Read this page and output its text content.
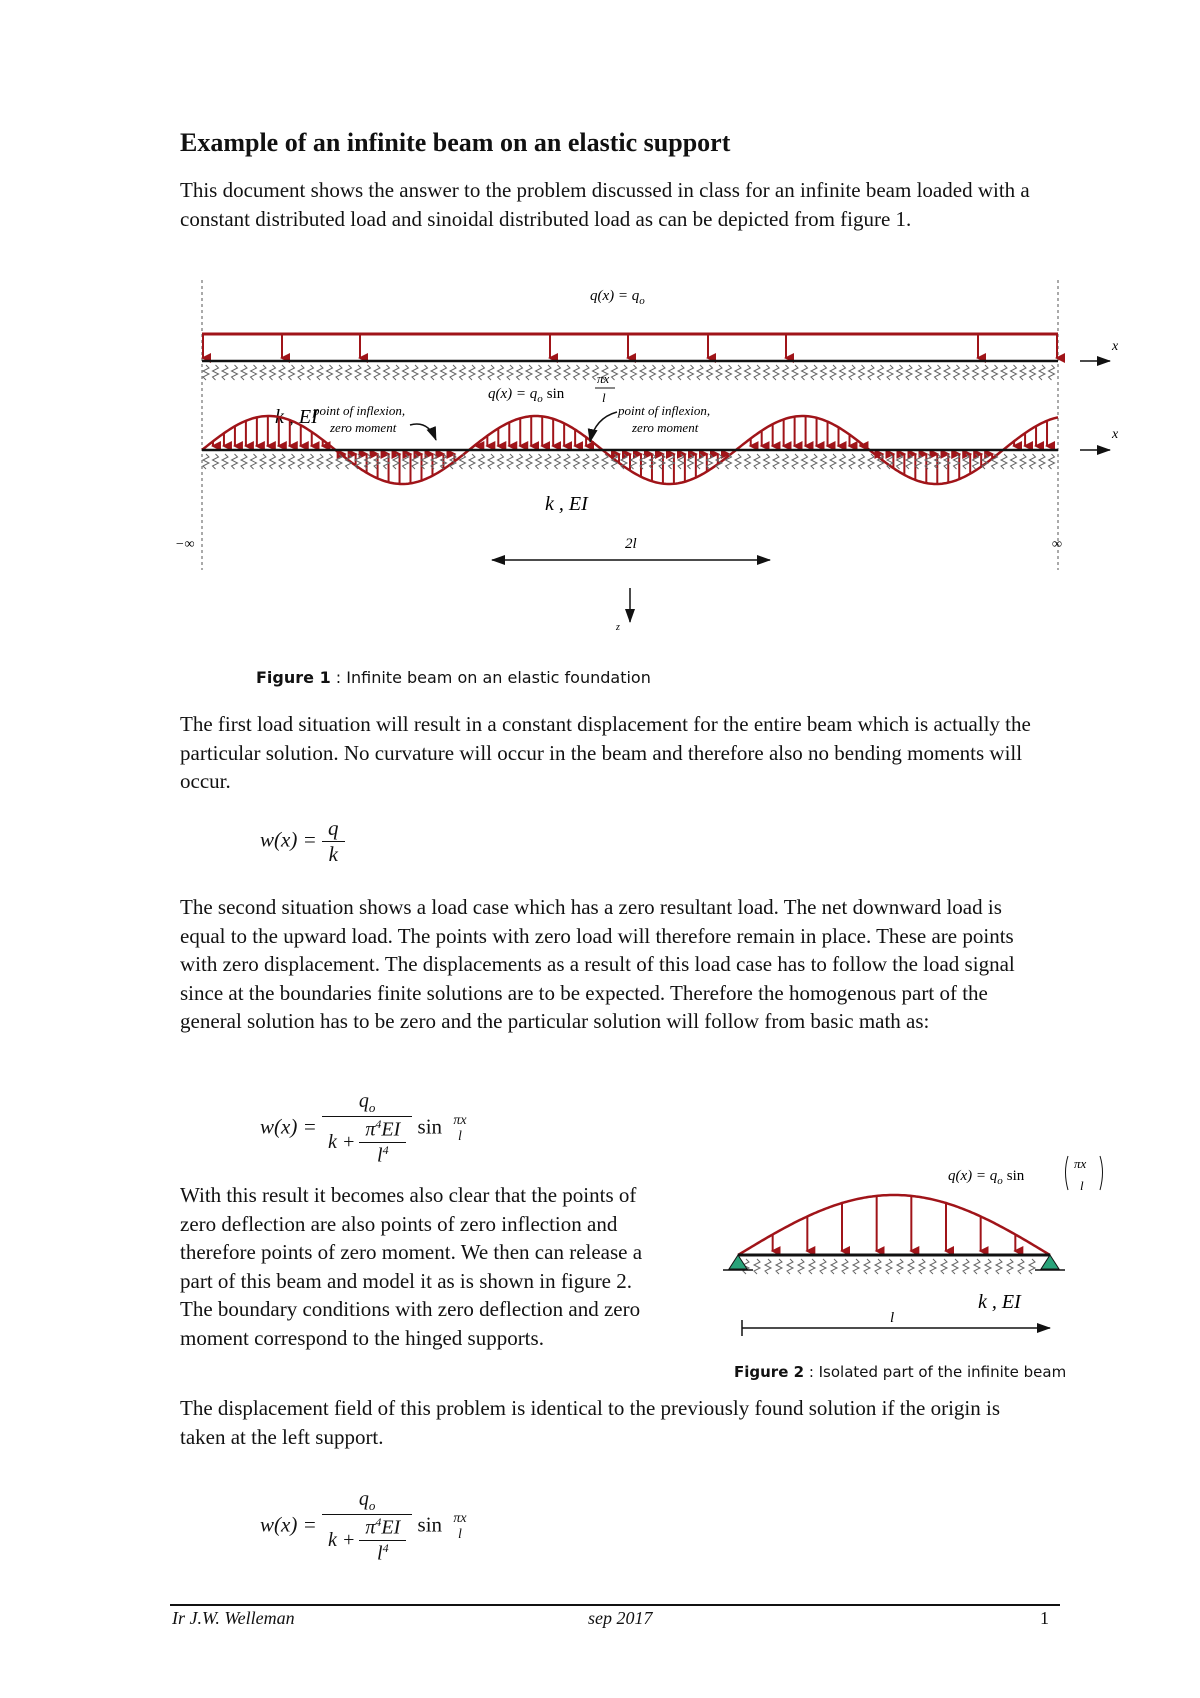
Example of an infinite beam on an elastic support
This document shows the answer to the problem discussed in class for an infinite beam loaded with a constant distributed load and sinoidal distributed load as can be depicted from figure 1.
x
k , EI
$q(x) = q_o$
x
$q(x) = q_o$ sin
πx
l
point of inflexion,
zero moment
point of inflexion,
zero moment
k , EI
−∞	∞
2l
z
Figure 1 : Infinite beam on an elastic foundation
The first load situation will result in a constant displacement for the entire beam which is actually the particular solution. No curvature will occur in the beam and therefore also no bending moments will occur.
$w(x) = \frac{q}{k}$
The second situation shows a load case which has a zero resultant load. The net downward load is equal to the upward load. The points with zero load will therefore remain in place. These are points with zero displacement. The displacements as a result of this load case has to follow the load signal since at the boundaries finite solutions are to be expected. Therefore the homogenous part of the general solution has to be zero and the particular solution will follow from basic math as:
$w(x) = \frac{q_o}{k + \frac{\pi^4EI}{l^4}}$ sin πx
l
With this result it becomes also clear that the points of zero deflection are also points of zero inflection and therefore points of zero moment. We then can release a part of this beam and model it as is shown in figure 2. The boundary conditions with zero deflection and zero moment correspond to the hinged supports.
$q(x) = q_o$ sin
πx
l
k , EI
l
Figure 2 : Isolated part of the infinite beam
The displacement field of this problem is identical to the previously found solution if the origin is taken at the left support.
$w(x) = \frac{q_o}{k + \frac{\pi^4EI}{l^4}}$ sin πx
l
Ir J.W. Welleman	sep 2017	1
